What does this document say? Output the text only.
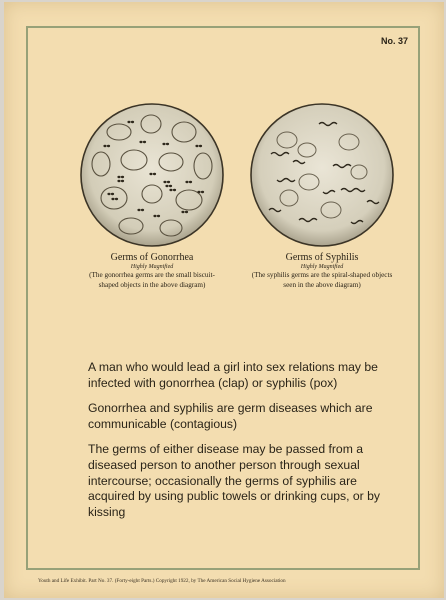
No. 37
Germs of Gonorrhea
Highly Magnified
(The gonorrhea germs are the small biscuit-
shaped objects in the above diagram)
Germs of Syphilis
Highly Magnified
(The syphilis germs are the spiral-shaped objects
seen in the above diagram)

A man who would lead a girl into sex relations may be infected with gonorrhea (clap) or syphilis (pox)

Gonorrhea and syphilis are germ diseases which are communicable (contagious)

The germs of either disease may be passed from a diseased person to another person through sexual intercourse; occasionally the germs of syphilis are acquired by using public towels or drinking cups, or by kissing

Youth and Life Exhibit. Part No. 37. (Forty-eight Parts.) Copyright 1922, by The American Social Hygiene Association
